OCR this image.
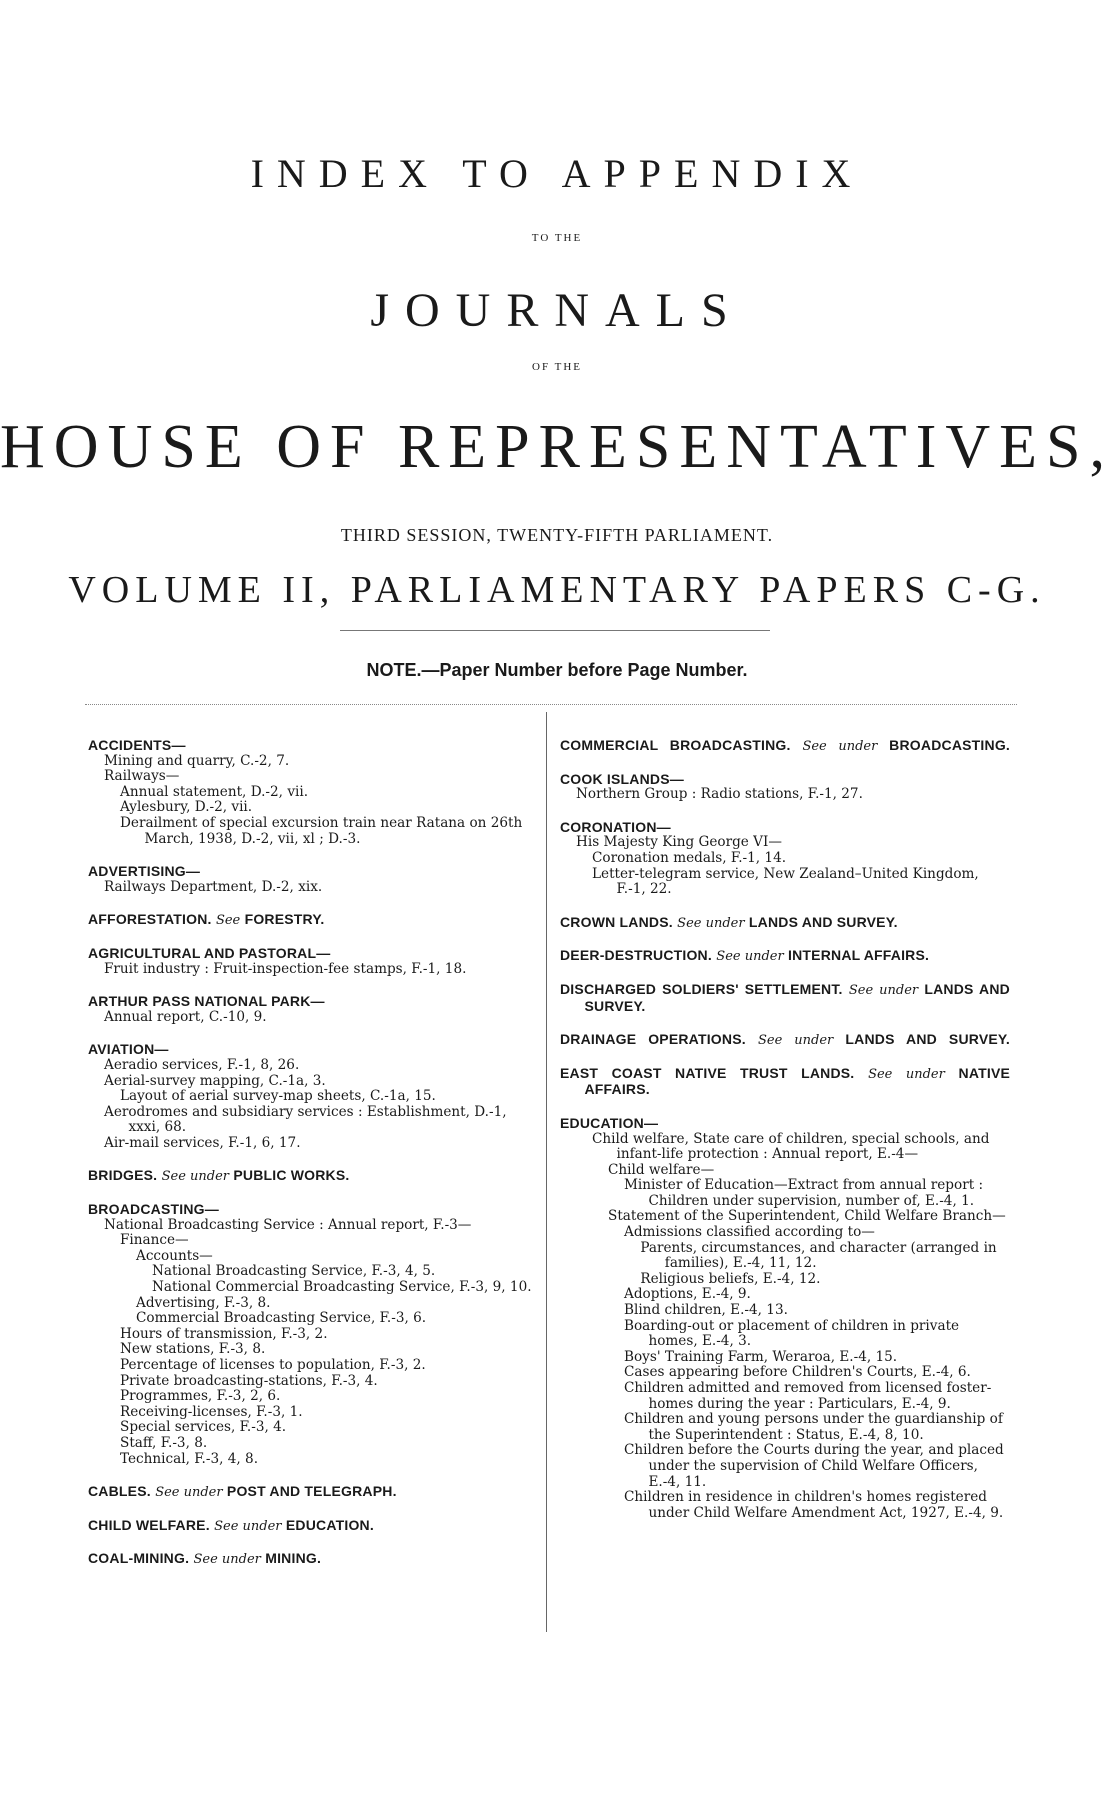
INDEX TO APPENDIX
TO THE
JOURNALS
OF THE
HOUSE OF REPRESENTATIVES,
THIRD SESSION, TWENTY-FIFTH PARLIAMENT.
VOLUME II, PARLIAMENTARY PAPERS C-G.
NOTE.—Paper Number before Page Number.
ACCIDENTS—
Mining and quarry, C.-2, 7.
Railways—
Annual statement, D.-2, vii.
Aylesbury, D.-2, vii.
Derailment of special excursion train near Ratana on 26th March, 1938, D.-2, vii, xl ; D.-3.
ADVERTISING—
Railways Department, D.-2, xix.
AFFORESTATION. See FORESTRY.
AGRICULTURAL AND PASTORAL—
Fruit industry : Fruit-inspection-fee stamps, F.-1, 18.
ARTHUR PASS NATIONAL PARK—
Annual report, C.-10, 9.
AVIATION—
Aeradio services, F.-1, 8, 26.
Aerial-survey mapping, C.-1a, 3.
Layout of aerial survey-map sheets, C.-1a, 15.
Aerodromes and subsidiary services : Establishment, D.-1, xxxi, 68.
Air-mail services, F.-1, 6, 17.
BRIDGES. See under PUBLIC WORKS.
BROADCASTING—
National Broadcasting Service : Annual report, F.-3—
Finance—
Accounts—
National Broadcasting Service, F.-3, 4, 5.
National Commercial Broadcasting Service, F.-3, 9, 10.
Advertising, F.-3, 8.
Commercial Broadcasting Service, F.-3, 6.
Hours of transmission, F.-3, 2.
New stations, F.-3, 8.
Percentage of licenses to population, F.-3, 2.
Private broadcasting-stations, F.-3, 4.
Programmes, F.-3, 2, 6.
Receiving-licenses, F.-3, 1.
Special services, F.-3, 4.
Staff, F.-3, 8.
Technical, F.-3, 4, 8.
CABLES. See under POST AND TELEGRAPH.
CHILD WELFARE. See under EDUCATION.
COAL-MINING. See under MINING.
COMMERCIAL BROADCASTING. See under BROADCASTING.
COOK ISLANDS—
Northern Group : Radio stations, F.-1, 27.
CORONATION—
His Majesty King George VI—
Coronation medals, F.-1, 14.
Letter-telegram service, New Zealand–United Kingdom, F.-1, 22.
CROWN LANDS. See under LANDS AND SURVEY.
DEER-DESTRUCTION. See under INTERNAL AFFAIRS.
DISCHARGED SOLDIERS' SETTLEMENT. See under LANDS AND SURVEY.
DRAINAGE OPERATIONS. See under LANDS AND SURVEY.
EAST COAST NATIVE TRUST LANDS. See under NATIVE AFFAIRS.
EDUCATION—
Child welfare, State care of children, special schools, and infant-life protection : Annual report, E.-4—
Child welfare—
Minister of Education—Extract from annual report :
Children under supervision, number of, E.-4, 1.
Statement of the Superintendent, Child Welfare Branch—
Admissions classified according to—
Parents, circumstances, and character (arranged in families), E.-4, 11, 12.
Religious beliefs, E.-4, 12.
Adoptions, E.-4, 9.
Blind children, E.-4, 13.
Boarding-out or placement of children in private homes, E.-4, 3.
Boys' Training Farm, Weraroa, E.-4, 15.
Cases appearing before Children's Courts, E.-4, 6.
Children admitted and removed from licensed foster-homes during the year : Particulars, E.-4, 9.
Children and young persons under the guardianship of the Superintendent : Status, E.-4, 8, 10.
Children before the Courts during the year, and placed under the supervision of Child Welfare Officers, E.-4, 11.
Children in residence in children's homes registered under Child Welfare Amendment Act, 1927, E.-4, 9.
